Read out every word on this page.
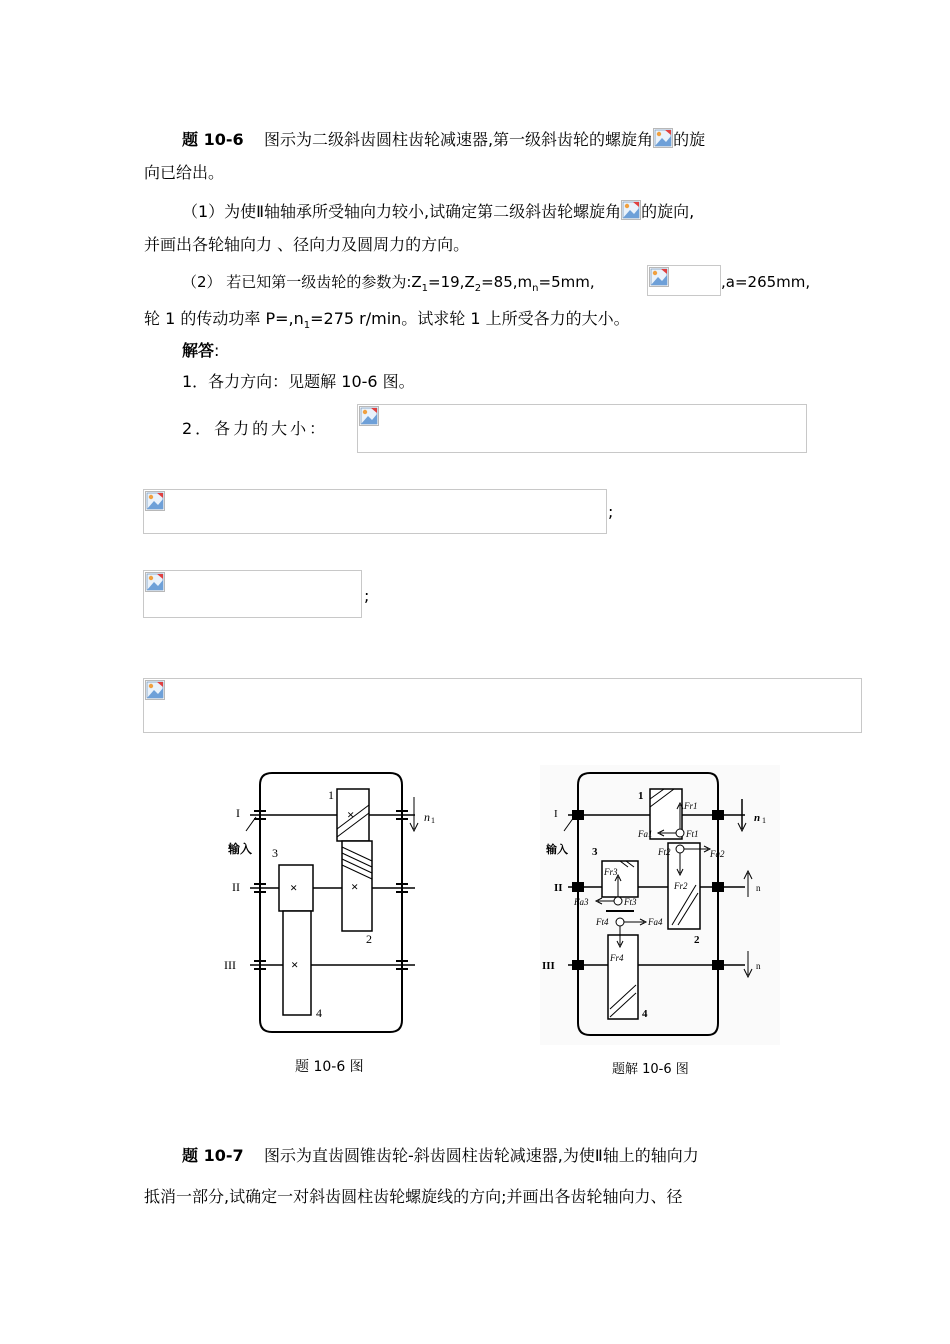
题 10-6 图示为二级斜齿圆柱齿轮减速器,第一级斜齿轮的螺旋角 的旋
向已给出。
（1）为使Ⅱ轴轴承所受轴向力较小,试确定第二级斜齿轮螺旋角 的旋向,
并画出各轮轴向力 、径向力及圆周力的方向。
（2） 若已知第一级齿轮的参数为$:Z_1=19,Z_2=85,m_n=5mm$,	,a=265mm,
轮 1 的传动功率 $P=,n_1=275$ r/min。试求轮 1 上所受各力的大小。
解答:
1．各力方向：见题解 10-6 图。
2．各力的大小：
;
;
×
×
×
×
n 1
I
输入
II
III
1
2
3
4
题 10-6 图
n 1
n
n
I
输入
II
III
1
2
3
4
Fr1
Fa1	Ft1
Ft2	Fa2
Fr2
Fr3
Fa3	Ft3
Ft4	Fa4
Fr4
题解 10-6 图
题 10-7 图示为直齿圆锥齿轮-斜齿圆柱齿轮减速器,为使Ⅱ轴上的轴向力
抵消一部分,试确定一对斜齿圆柱齿轮螺旋线的方向;并画出各齿轮轴向力、径
